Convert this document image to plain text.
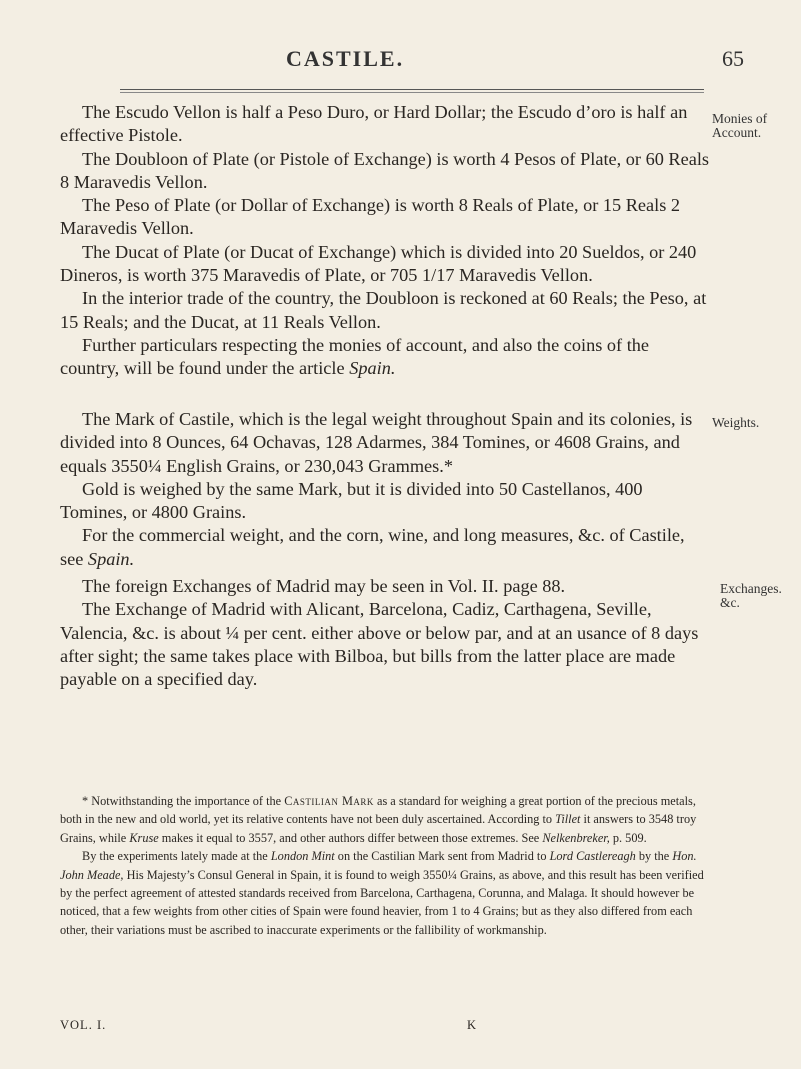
CASTILE.	65

The Escudo Vellon is half a Peso Duro, or Hard Dollar; the Escudo d’oro is half an effective Pistole.

The Doubloon of Plate (or Pistole of Exchange) is worth 4 Pesos of Plate, or 60 Reals 8 Maravedis Vellon.

The Peso of Plate (or Dollar of Exchange) is worth 8 Reals of Plate, or 15 Reals 2 Maravedis Vellon.

The Ducat of Plate (or Ducat of Exchange) which is divided into 20 Sueldos, or 240 Dineros, is worth 375 Maravedis of Plate, or 705 1/17 Maravedis Vellon.

In the interior trade of the country, the Doubloon is reckoned at 60 Reals; the Peso, at 15 Reals; and the Ducat, at 11 Reals Vellon.

Further particulars respecting the monies of account, and also the coins of the country, will be found under the article Spain.

Monies of Account.

The Mark of Castile, which is the legal weight throughout Spain and its colonies, is divided into 8 Ounces, 64 Ochavas, 128 Adarmes, 384 Tomines, or 4608 Grains, and equals 3550¼ English Grains, or 230,043 Grammes.*

Gold is weighed by the same Mark, but it is divided into 50 Castellanos, 400 Tomines, or 4800 Grains.

For the commercial weight, and the corn, wine, and long measures, &c. of Castile, see Spain.

Weights.

The foreign Exchanges of Madrid may be seen in Vol. II. page 88.

The Exchange of Madrid with Alicant, Barcelona, Cadiz, Carthagena, Seville, Valencia, &c. is about ¼ per cent. either above or below par, and at an usance of 8 days after sight; the same takes place with Bilboa, but bills from the latter place are made payable on a specified day.

Exchanges. &c.

* Notwithstanding the importance of the Castilian Mark as a standard for weighing a great portion of the precious metals, both in the new and old world, yet its relative contents have not been duly ascertained. According to Tillet it answers to 3548 troy Grains, while Kruse makes it equal to 3557, and other authors differ between those extremes. See Nelkenbreker, p. 509.

By the experiments lately made at the London Mint on the Castilian Mark sent from Madrid to Lord Castlereagh by the Hon. John Meade, His Majesty’s Consul General in Spain, it is found to weigh 3550¼ Grains, as above, and this result has been verified by the perfect agreement of attested standards received from Barcelona, Carthagena, Corunna, and Malaga. It should however be noticed, that a few weights from other cities of Spain were found heavier, from 1 to 4 Grains; but as they also differed from each other, their variations must be ascribed to inaccurate experiments or the fallibility of workmanship.

VOL. I.	K
